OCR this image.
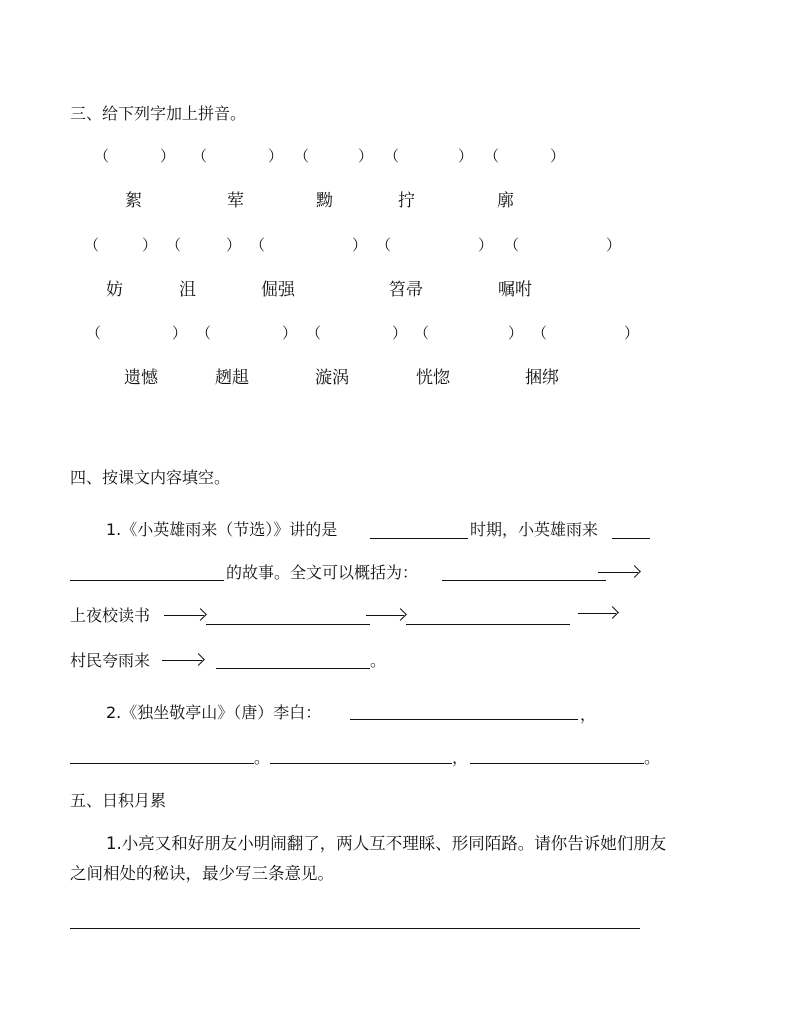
三、给下列字加上拼音。
（	） （	） （	） （	） （	）
絮	荤	黝	拧	廓
（	） （	） （	） （	） （	）
妨	沮	倔强	笤帚	嘱咐
（	） （	） （	） （	） （	）
遗憾	趔趄	漩涡	恍惚	捆绑
四、按课文内容填空。
1.《小英雄雨来（节选）》讲的是	时期，小英雄雨来
的故事。全文可以概括为：
上夜校读书
村民夸雨来	。
2.《独坐敬亭山》（唐）李白：	，
。	，	。
五、日积月累
1.小亮又和好朋友小明闹翻了，两人互不理睬、形同陌路。请你告诉她们朋友
之间相处的秘诀，最少写三条意见。
